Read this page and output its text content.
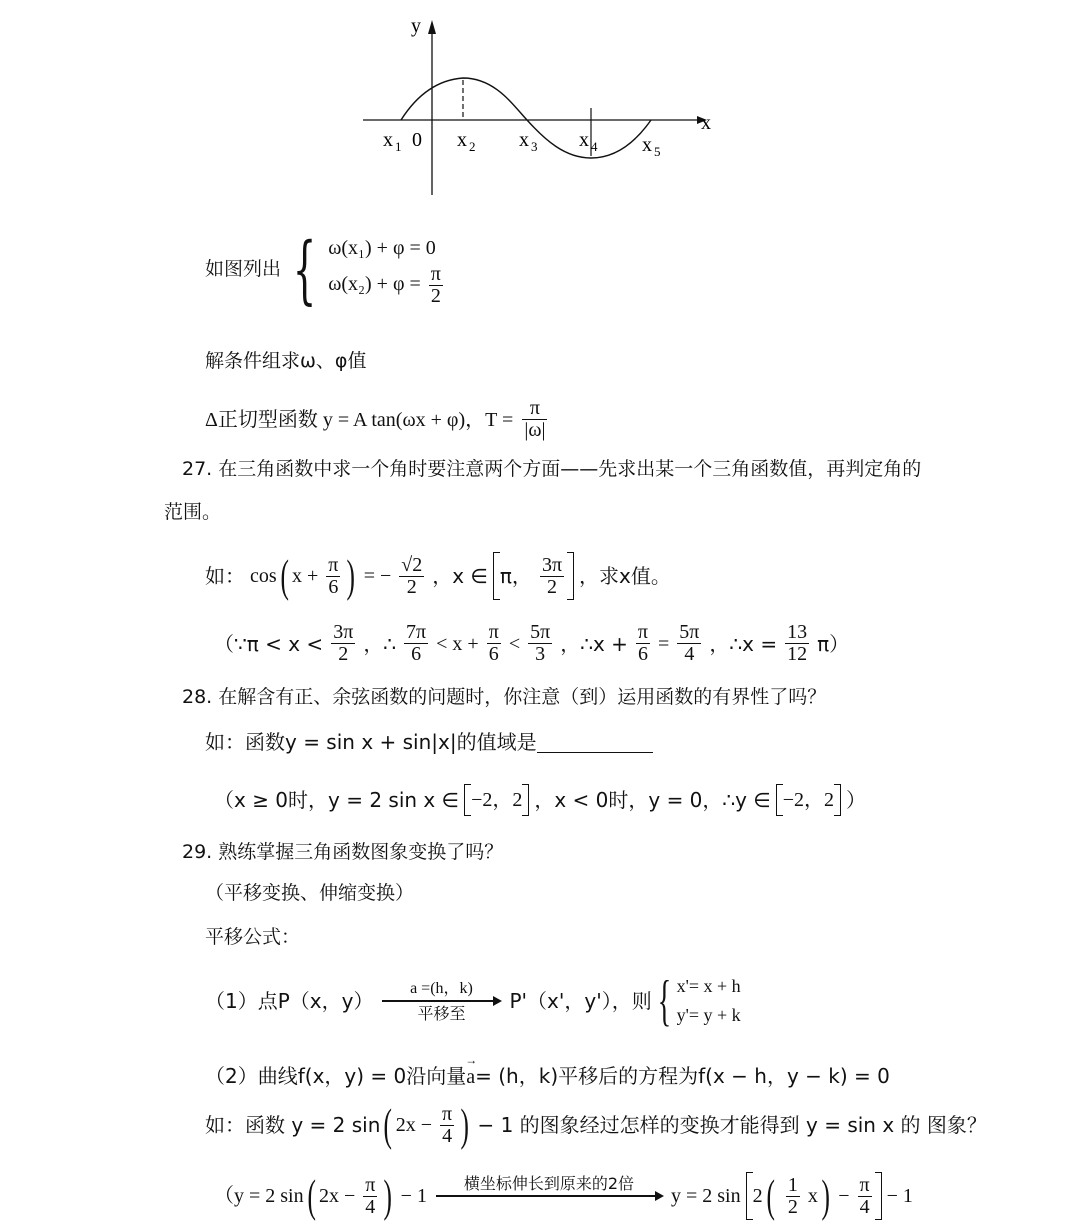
y
x
0
x 1	x 2 x 3 x 4 x 5
如图列出 { ω(x₁) + φ = 0
$\omega(x_2) + \varphi = \frac{\pi}{2}$
解条件组求ω、φ值
Δ正切型函数 y = A tan(ωx + φ)，$T = \frac{\pi}{|\omega|}$
27. 在三角函数中求一个角时要注意两个方面——先求出某一个三角函数值，再判定角的
范围。
如： cos( $x + \frac{\pi}{6}$ ) = − $\frac{√2}{2}$ ，x ∈ π， $\frac{3\pi}{2}$ ，求x值。
（∵π < $x < \frac{3\pi}{2}$ ，∴ $\frac{7\pi}{6} < x + \frac{\pi}{6} < \frac{5\pi}{3}$ ，∴x + $\frac{\pi}{6} = \frac{5\pi}{4}$ ，∴x = $\frac{13}{12} \pi$）
28. 在解含有正、余弦函数的问题时，你注意（到）运用函数的有界性了吗？
如：函数y = sin x + sin|x|的值域是
（x ≥ 0时，y = 2 sin x ∈ −2，2 ，x < 0时，y = 0，∴y ∈ −2，2 ）
29. 熟练掌握三角函数图象变换了吗？
（平移变换、伸缩变换）
平移公式：
（1）点P（x，y）
a =(h，k)
平移至
P'（x'，y'），则 { x'= x + h
y'= y + k
（2）曲线f(x，y) = 0沿向量→ a= (h，k)平移后的方程为f(x − h，y − k) = 0
如：函数 y = 2 sin( $2x - \frac{\pi}{4}$ ) − 1 的图象经过怎样的变换才能得到 y = sin x 的 图象？
（y = 2 sin( $2x - \frac{\pi}{4}$ ) − 1
横坐标伸长到原来的2倍

y = 2 $\sin 2( \frac{1}{2} x) - \frac{\pi}{4} - 1$
